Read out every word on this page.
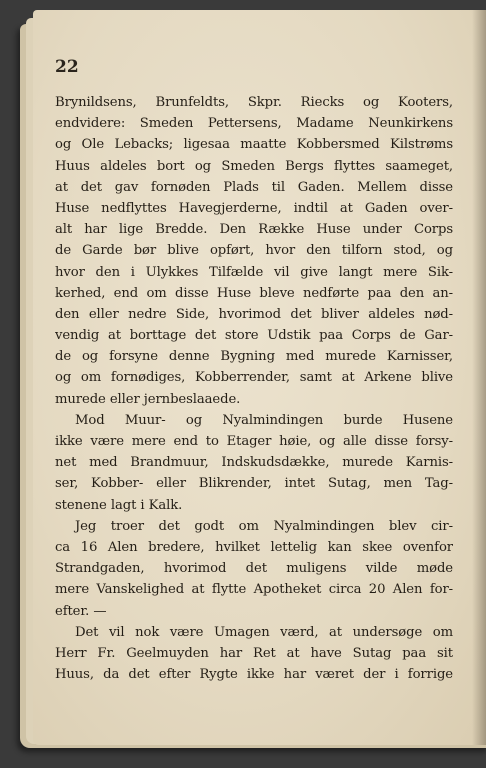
22
Brynildsens, Brunfeldts, Skpr. Riecks og Kooters,
endvidere: Smeden Pettersens, Madame Neunkirkens
og Ole Lebacks; ligesaa maatte Kobbersmed Kilstrøms
Huus aldeles bort og Smeden Bergs flyttes saameget,
at det gav fornøden Plads til Gaden. Mellem disse
Huse nedflyttes Havegjerderne, indtil at Gaden over-
alt har lige Bredde. Den Række Huse under Corps
de Garde bør blive opført, hvor den tilforn stod, og
hvor den i Ulykkes Tilfælde vil give langt mere Sik-
kerhed, end om disse Huse bleve nedførte paa den an-
den eller nedre Side, hvorimod det bliver aldeles nød-
vendig at borttage det store Udstik paa Corps de Gar-
de og forsyne denne Bygning med murede Karnisser,
og om fornødiges, Kobberrender, samt at Arkene blive
murede eller jernbeslaaede.
Mod Muur- og Nyalmindingen burde Husene
ikke være mere end to Etager høie, og alle disse forsy-
net med Brandmuur, Indskudsdække, murede Karnis-
ser, Kobber- eller Blikrender, intet Sutag, men Tag-
stenene lagt i Kalk.
Jeg troer det godt om Nyalmindingen blev cir-
ca 16 Alen bredere, hvilket lettelig kan skee ovenfor
Strandgaden, hvorimod det muligens vilde møde
mere Vanskelighed at flytte Apotheket circa 20 Alen for-
efter. —
Det vil nok være Umagen værd, at undersøge om
Herr Fr. Geelmuyden har Ret at have Sutag paa sit
Huus, da det efter Rygte ikke har været der i forrige
